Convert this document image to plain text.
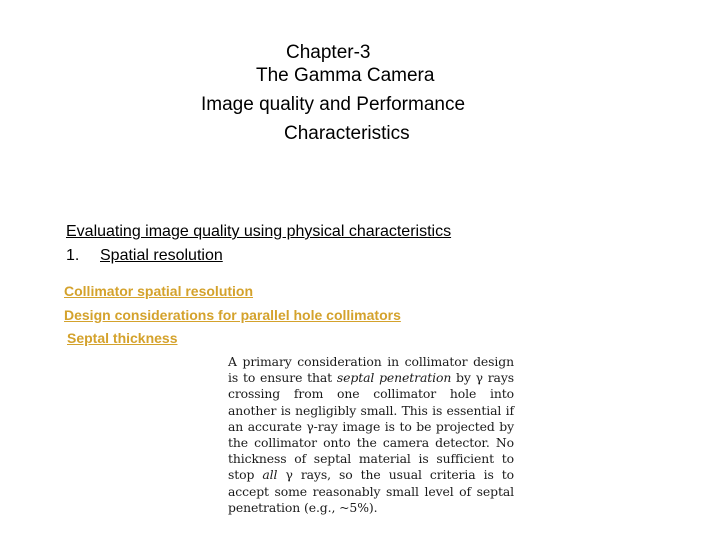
Chapter-3
The Gamma Camera
Image quality and Performance
Characteristics
Evaluating image quality using physical characteristics
1. Spatial resolution
Collimator spatial resolution
Design considerations for parallel hole collimators
Septal thickness
A primary consideration in collimator design is to ensure that septal penetration by γ rays crossing from one collimator hole into another is negligibly small. This is essential if an accurate γ-ray image is to be projected by the collimator onto the camera detector. No thickness of septal material is sufficient to stop all γ rays, so the usual criteria is to accept some reasonably small level of septal penetration (e.g., ~5%).
